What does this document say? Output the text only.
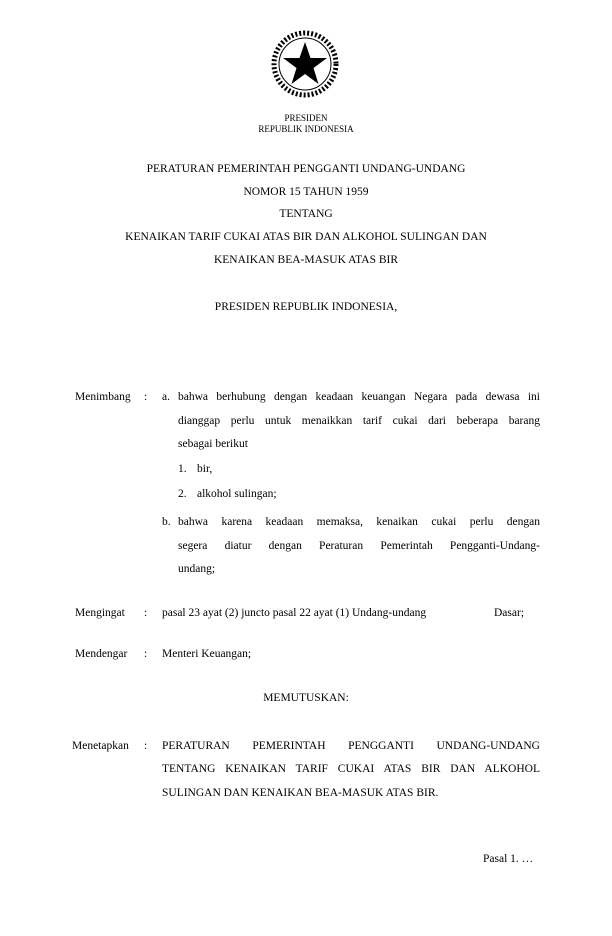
PRESIDEN
REPUBLIK INDONESIA
PERATURAN PEMERINTAH PENGGANTI UNDANG-UNDANG
NOMOR 15 TAHUN 1959
TENTANG
KENAIKAN TARIF CUKAI ATAS BIR DAN ALKOHOL SULINGAN DAN
KENAIKAN BEA-MASUK ATAS BIR
PRESIDEN REPUBLIK INDONESIA,
Menimbang : a. bahwa berhubung dengan keadaan keuangan Negara pada dewasa ini
dianggap perlu untuk menaikkan tarif cukai dari beberapa barang
sebagai berikut
1. bir,
2. alkohol sulingan;
b. bahwa karena keadaan memaksa, kenaikan cukai perlu dengan
segera diatur dengan Peraturan Pemerintah Pengganti-Undang-
undang;
Mengingat : pasal 23 ayat (2) juncto pasal 22 ayat (1) Undang-undang	Dasar;
Mendengar : Menteri Keuangan;
MEMUTUSKAN:
Menetapkan : PERATURAN PEMERINTAH PENGGANTI UNDANG-UNDANG
TENTANG KENAIKAN TARIF CUKAI ATAS BIR DAN ALKOHOL
SULINGAN DAN KENAIKAN BEA-MASUK ATAS BIR.
Pasal 1. …
